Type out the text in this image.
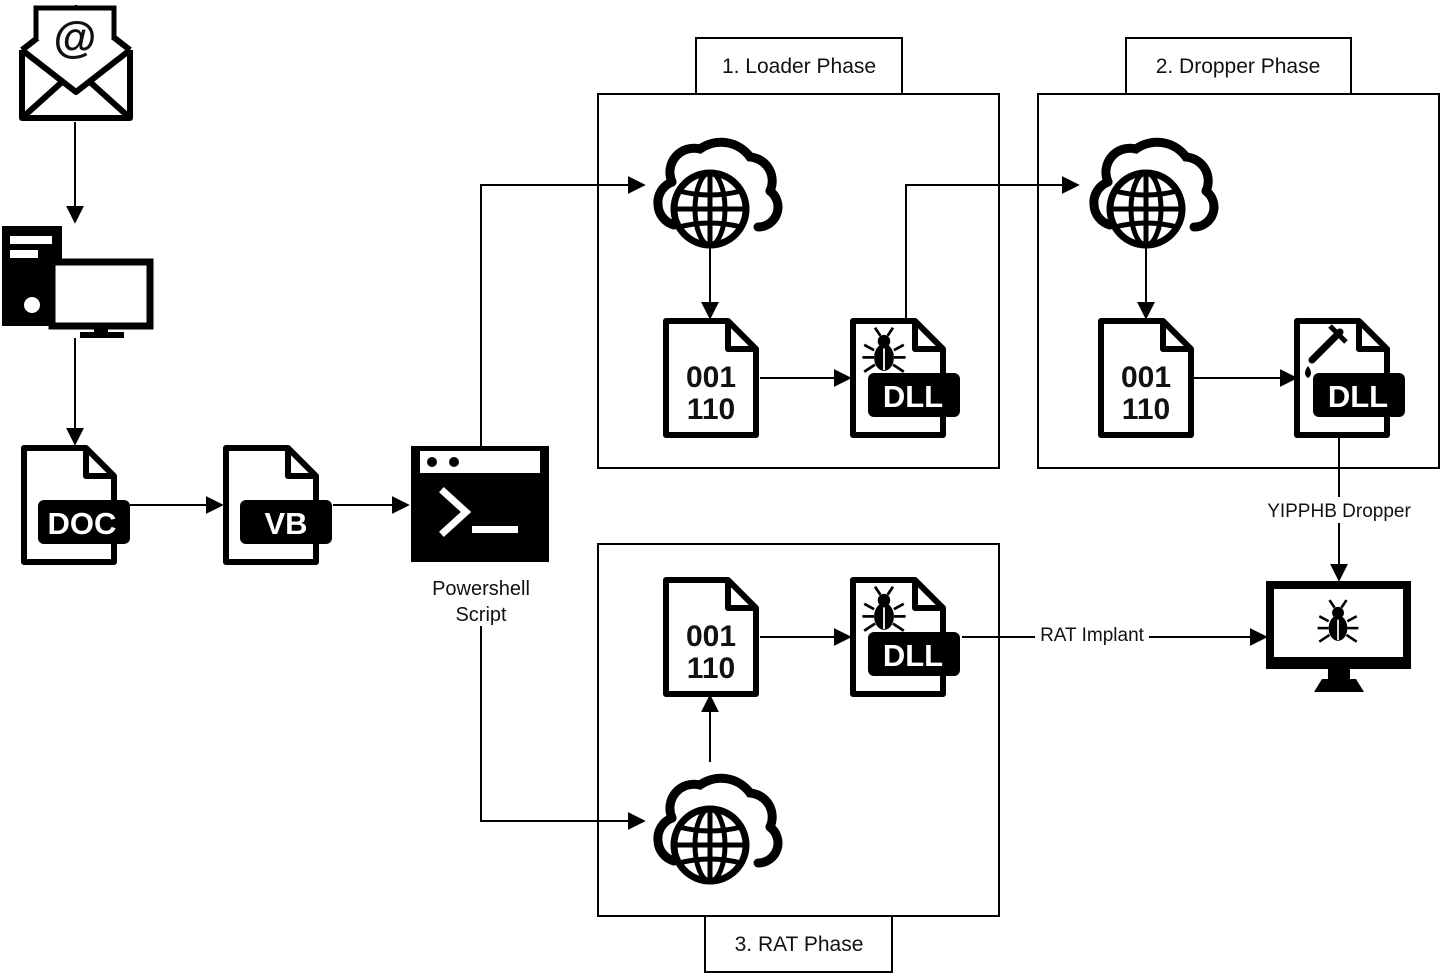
1. Loader Phase	2. Dropper Phase
3. RAT Phase
YIPPHB Dropper
RAT Implant
@
DOC	VB
Powershell
Script
001
110	DLL
001
110	DLL
001
110	DLL
